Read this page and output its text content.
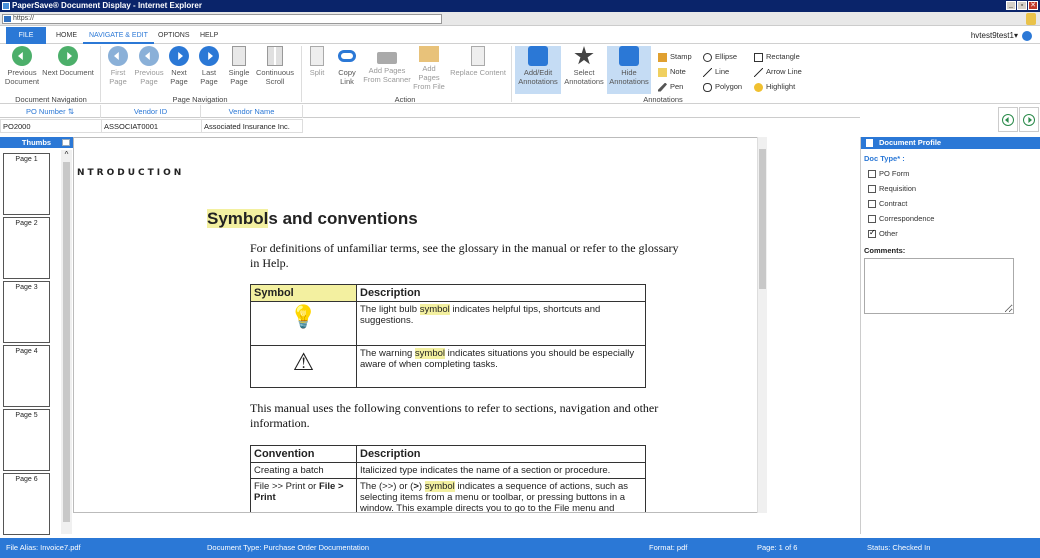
PaperSave® Document Display - Internet Explorer	_	▫ ✕
https://
FILE	HOME	NAVIGATE & EDIT	OPTIONS	HELP	hvtest9test1▾
Previous Document
Next Document
Document Navigation
First Page
Previous Page
Next Page
Last Page
Single Page
Continuous Scroll
Page Navigation
Split	Copy Link
Add Pages From Scanner
Add Pages From File
Replace Content
Action
Add/Edit Annotations
Select Annotations
Hide Annotations
Stamp
Note
Pen
Ellipse
Line
Polygon
Rectangle
Arrow Line
Highlight
Annotations
PO Number ⇅	Vendor ID	Vendor Name
PO2000	ASSOCIAT0001	Associated Insurance Inc.
Thumbs
Page 1
Page 2
Page 3
Page 4
Page 5
Page 6
^
NTRODUCTION
Symbols and conventions
For definitions of unfamiliar terms, see the glossary in the manual or refer to the glossary in Help.
Symbol	Description
💡	The light bulb symbol indicates helpful tips, shortcuts and suggestions.
⚠	The warning symbol indicates situations you should be especially aware of when completing tasks.
This manual uses the following conventions to refer to sections, navigation and other information.
Convention	Description
Creating a batch	Italicized type indicates the name of a section or procedure.
File >> Print or File > Print	The (>>) or (>) symbol indicates a sequence of actions, such as selecting items from a menu or toolbar, or pressing buttons in a window. This example directs you to go to the File menu and
Document Profile
Doc Type* :
PO Form
Requisition
Contract
Correspondence
✓Other
Comments:
File Alias: Invoice7.pdf	Document Type: Purchase Order Documentation	Format: pdf	Page: 1 of 6	Status: Checked In
